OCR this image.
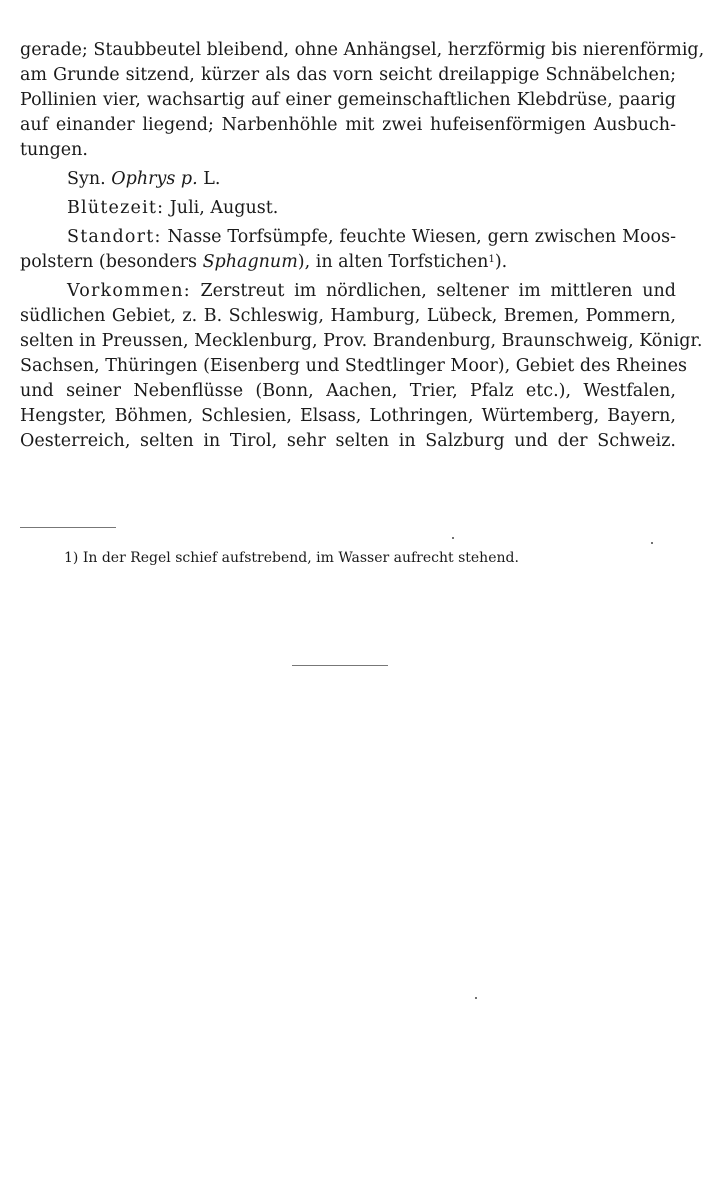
gerade; Staubbeutel bleibend, ohne Anhängsel, herzförmig bis nierenförmig,
am Grunde sitzend, kürzer als das vorn seicht dreilappige Schnäbelchen;
Pollinien vier, wachsartig auf einer gemeinschaftlichen Klebdrüse, paarig
auf einander liegend; Narbenhöhle mit zwei hufeisenförmigen Ausbuch-
tungen.
Syn. Ophrys p. L.
Blütezeit: Juli, August.
Standort: Nasse Torfsümpfe, feuchte Wiesen, gern zwischen Moos-
polstern (besonders Sphagnum), in alten Torfstichen$^1$).
Vorkommen: Zerstreut im nördlichen, seltener im mittleren und
südlichen Gebiet, z. B. Schleswig, Hamburg, Lübeck, Bremen, Pommern,
selten in Preussen, Mecklenburg, Prov. Brandenburg, Braunschweig, Königr.
Sachsen, Thüringen (Eisenberg und Stedtlinger Moor), Gebiet des Rheines
und seiner Nebenflüsse (Bonn, Aachen, Trier, Pfalz etc.), Westfalen,
Hengster, Böhmen, Schlesien, Elsass, Lothringen, Würtemberg, Bayern,
Oesterreich, selten in Tirol, sehr selten in Salzburg und der Schweiz.
1) In der Regel schief aufstrebend, im Wasser aufrecht stehend.
